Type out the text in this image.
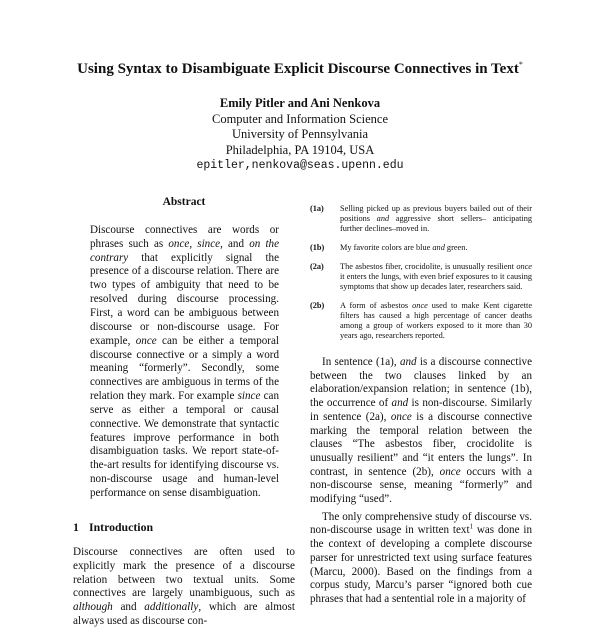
Using Syntax to Disambiguate Explicit Discourse Connectives in Text*
Emily Pitler and Ani Nenkova
Computer and Information Science
University of Pennsylvania
Philadelphia, PA 19104, USA
epitler,nenkova@seas.upenn.edu
Abstract

Discourse connectives are words or phrases such as once, since, and on the contrary that explicitly signal the presence of a discourse relation. There are two types of ambiguity that need to be resolved during discourse processing. First, a word can be ambiguous between discourse or non-discourse usage. For example, once can be either a temporal discourse connective or a simply a word meaning “formerly”. Secondly, some connectives are ambiguous in terms of the relation they mark. For example since can serve as either a temporal or causal connective. We demonstrate that syntactic features improve performance in both disambiguation tasks. We report state-of-the-art results for identifying discourse vs. non-discourse usage and human-level performance on sense disambiguation.

1 Introduction

Discourse connectives are often used to explicitly mark the presence of a discourse relation between two textual units. Some connectives are largely unambiguous, such as although and additionally, which are almost always used as discourse con-

(1a) Selling picked up as previous buyers bailed out of their positions and aggressive short sellers– anticipating further declines–moved in.
(1b) My favorite colors are blue and green.
(2a) The asbestos fiber, crocidolite, is unusually resilient once it enters the lungs, with even brief exposures to it causing symptoms that show up decades later, researchers said.
(2b) A form of asbestos once used to make Kent cigarette filters has caused a high percentage of cancer deaths among a group of workers exposed to it more than 30 years ago, researchers reported.

In sentence (1a), and is a discourse connective between the two clauses linked by an elaboration/expansion relation; in sentence (1b), the occurrence of and is non-discourse. Similarly in sentence (2a), once is a discourse connective marking the temporal relation between the clauses “The asbestos fiber, crocidolite is unusually resilient” and “it enters the lungs”. In contrast, in sentence (2b), once occurs with a non-discourse sense, meaning “formerly” and modifying “used”.

The only comprehensive study of discourse vs. non-discourse usage in written text$^1$ was done in the context of developing a complete discourse parser for unrestricted text using surface features (Marcu, 2000). Based on the findings from a corpus study, Marcu’s parser “ignored both cue phrases that had a sentential role in a majority of
